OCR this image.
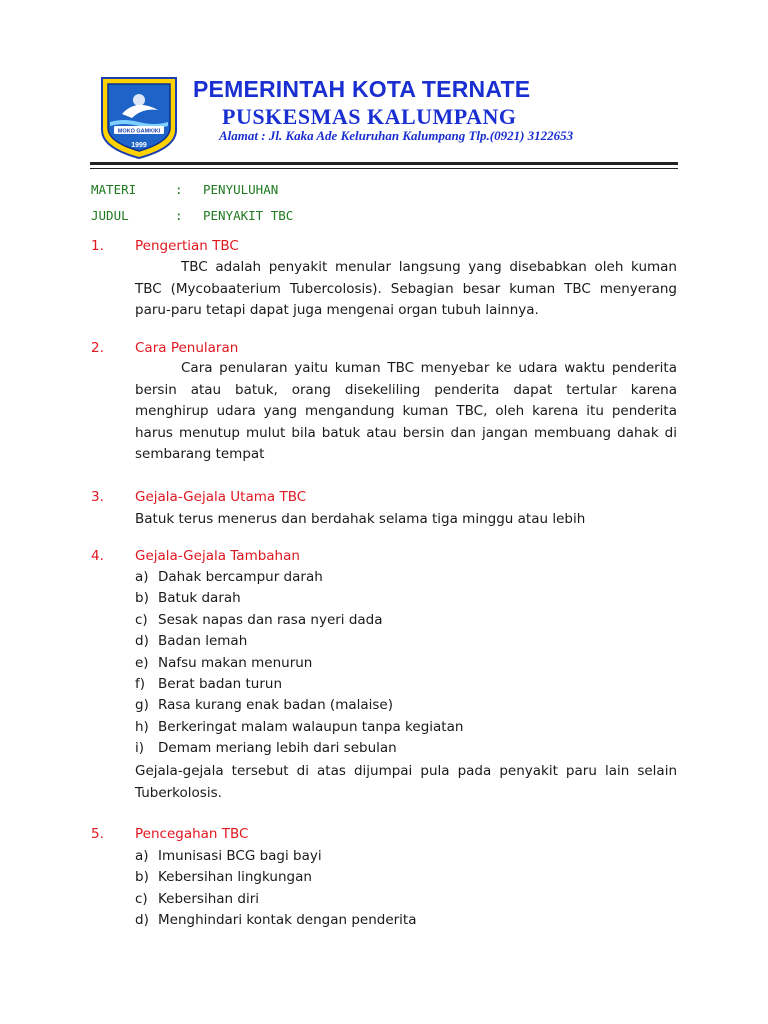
MOKO GAMKIKI
1999
PEMERINTAH KOTA TERNATE
PUSKESMAS KALUMPANG
Alamat : Jl. Kaka Ade Keluruhan Kalumpang Tlp.(0921) 3122653
MATERI	: PENYULUHAN
JUDUL	: PENYAKIT TBC
1. Pengertian TBC

TBC adalah penyakit menular langsung yang disebabkan oleh kuman TBC (Mycobaaterium Tubercolosis). Sebagian besar kuman TBC menyerang paru-paru tetapi dapat juga mengenai organ tubuh lainnya.

2. Cara Penularan

Cara penularan yaitu kuman TBC menyebar ke udara waktu penderita bersin atau batuk, orang disekeliling penderita dapat tertular karena menghirup udara yang mengandung kuman TBC, oleh karena itu penderita harus menutup mulut bila batuk atau bersin dan jangan membuang dahak di sembarang tempat

3. Gejala-Gejala Utama TBC
Batuk terus menerus dan berdahak selama tiga minggu atau lebih
4. Gejala-Gejala Tambahan
a) Dahak bercampur darah
b) Batuk darah
c) Sesak napas dan rasa nyeri dada
d) Badan lemah
e) Nafsu makan menurun
f) Berat badan turun
g) Rasa kurang enak badan (malaise)
h) Berkeringat malam walaupun tanpa kegiatan
i) Demam meriang lebih dari sebulan

Gejala-gejala tersebut di atas dijumpai pula pada penyakit paru lain selain Tuberkolosis.

5. Pencegahan TBC
a) Imunisasi BCG bagi bayi
b) Kebersihan lingkungan
c) Kebersihan diri
d) Menghindari kontak dengan penderita
